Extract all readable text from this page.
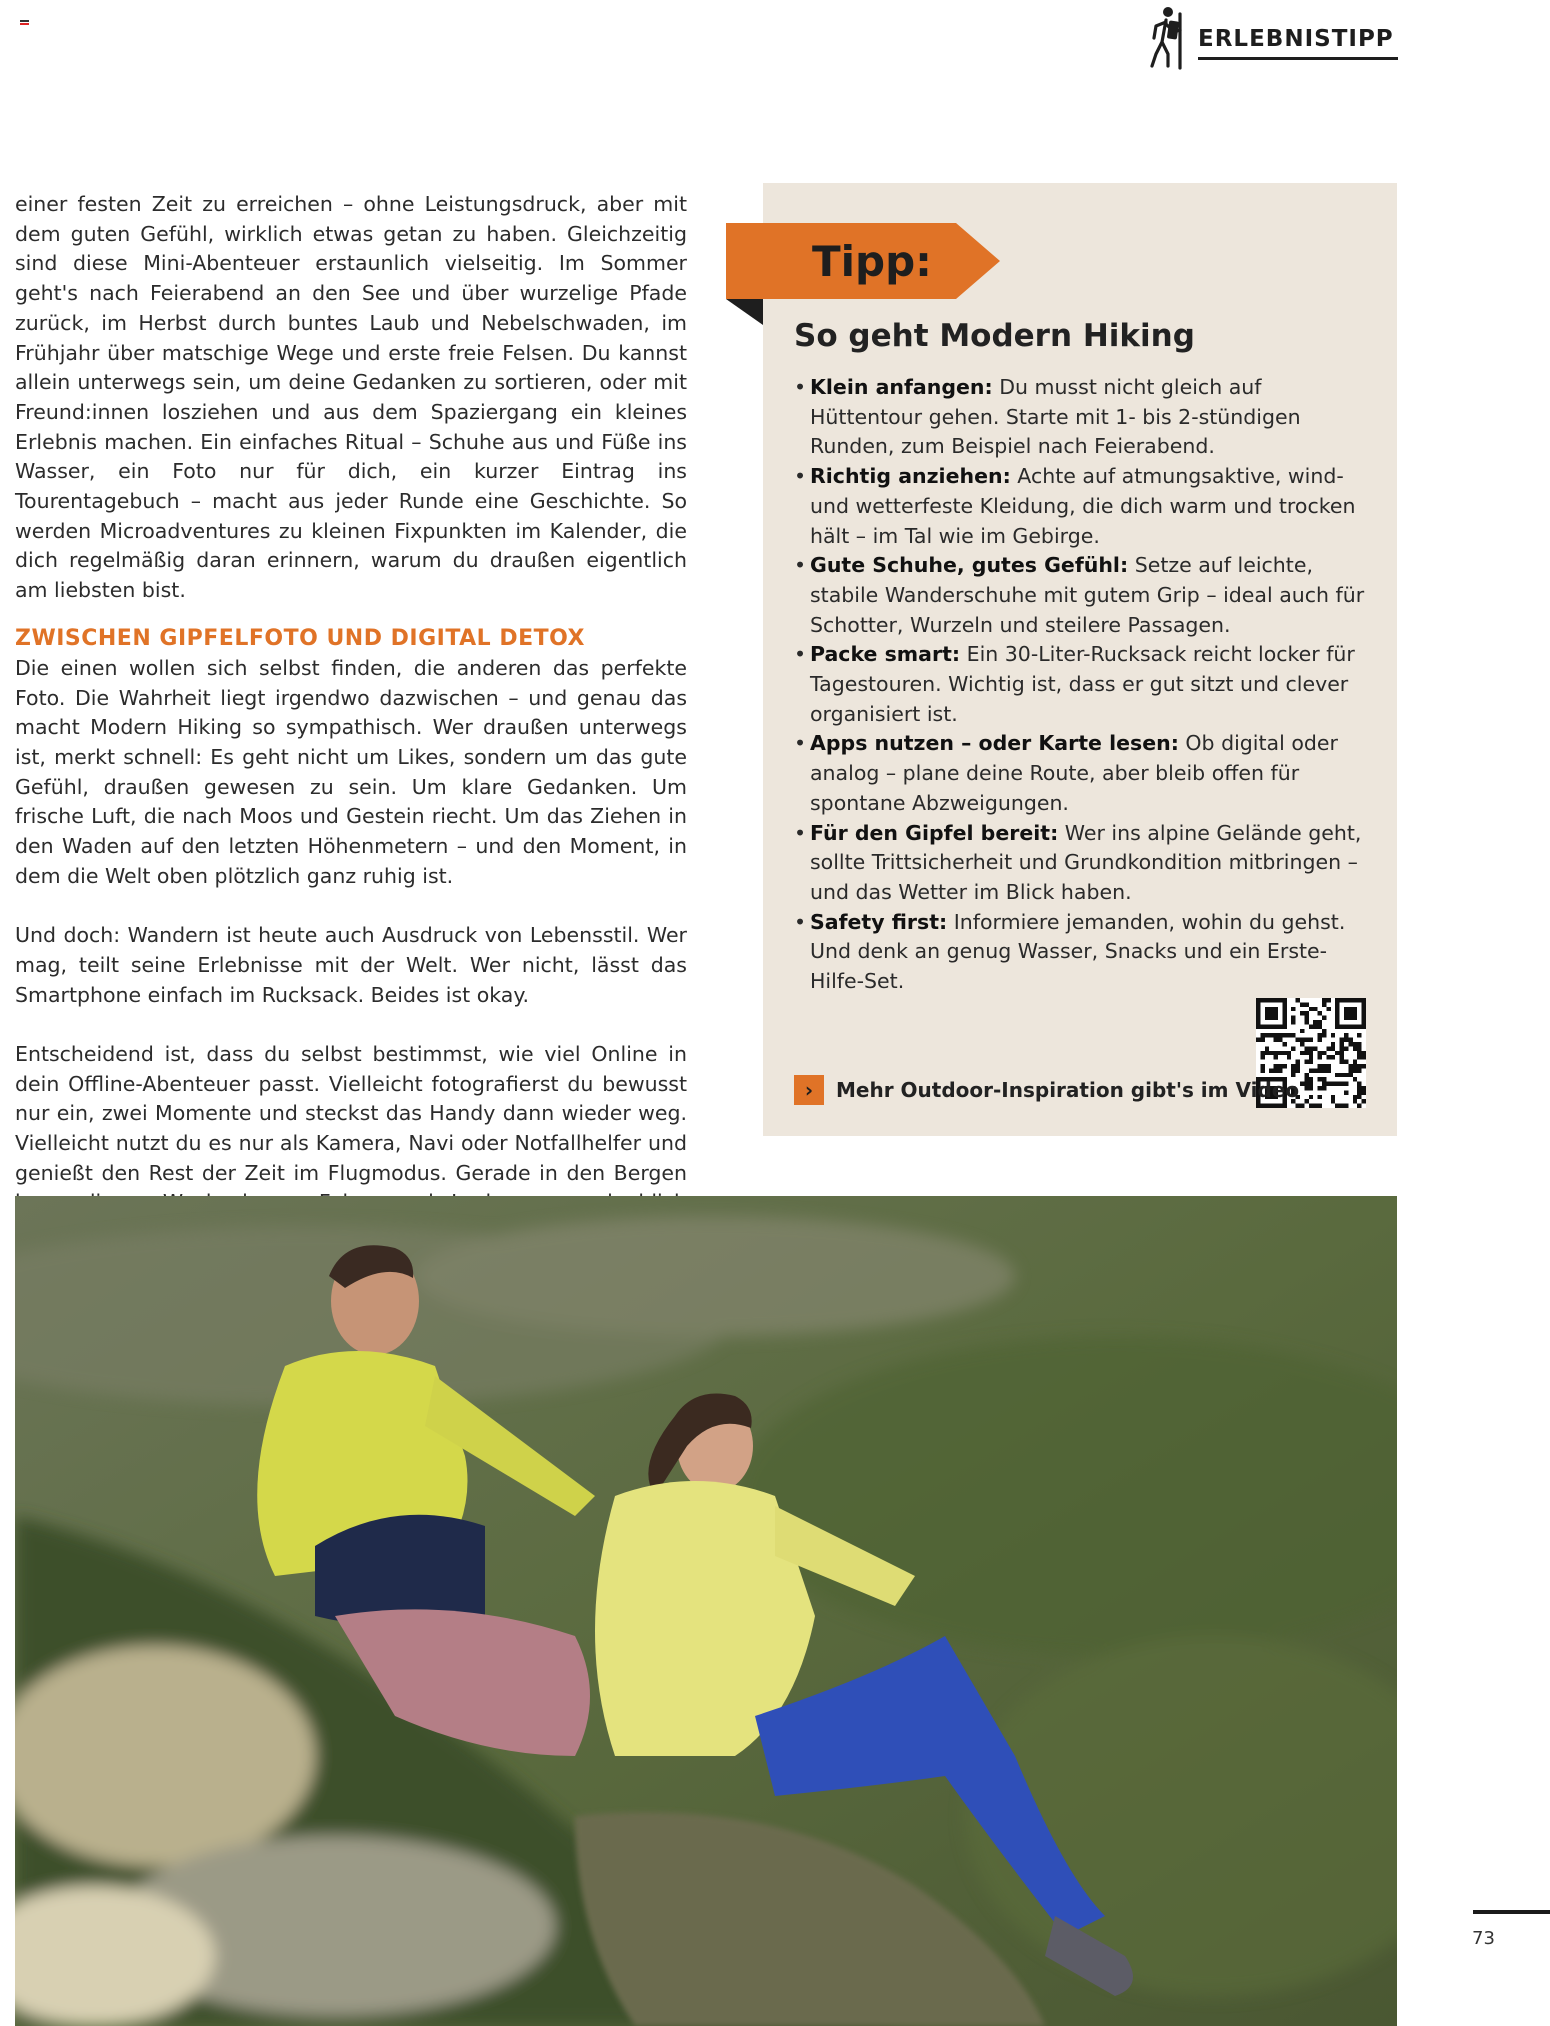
ERLEBNISTIPP

einer festen Zeit zu erreichen – ohne Leistungsdruck, aber mit dem guten Gefühl, wirklich etwas getan zu haben. Gleichzeitig sind diese Mini-Abenteuer erstaunlich vielseitig. Im Sommer geht's nach Feierabend an den See und über wurzelige Pfade zurück, im Herbst durch buntes Laub und Nebelschwaden, im Frühjahr über matschige Wege und erste freie Felsen. Du kannst allein unterwegs sein, um deine Gedanken zu sortieren, oder mit Freund:innen losziehen und aus dem Spaziergang ein kleines Erlebnis machen. Ein einfaches Ritual – Schuhe aus und Füße ins Wasser, ein Foto nur für dich, ein kurzer Eintrag ins Tourentagebuch – macht aus jeder Runde eine Geschichte. So werden Microadventures zu kleinen Fixpunkten im Kalender, die dich regelmäßig daran erinnern, warum du draußen eigentlich am liebsten bist.

ZWISCHEN GIPFELFOTO UND DIGITAL DETOX

Die einen wollen sich selbst finden, die anderen das perfekte Foto. Die Wahrheit liegt irgendwo dazwischen – und genau das macht Modern Hiking so sympathisch. Wer draußen unterwegs ist, merkt schnell: Es geht nicht um Likes, sondern um das gute Gefühl, draußen gewesen zu sein. Um klare Gedanken. Um frische Luft, die nach Moos und Gestein riecht. Um das Ziehen in den Waden auf den letzten Höhenmetern – und den Moment, in dem die Welt oben plötzlich ganz ruhig ist.

Und doch: Wandern ist heute auch Ausdruck von Lebensstil. Wer mag, teilt seine Erlebnisse mit der Welt. Wer nicht, lässt das Smartphone einfach im Rucksack. Beides ist okay.

Entscheidend ist, dass du selbst bestimmst, wie viel Online in dein Offline-Abenteuer passt. Vielleicht fotografierst du bewusst nur ein, zwei Momente und steckst das Handy dann wieder weg. Vielleicht nutzt du es nur als Kamera, Navi oder Notfallhelfer und genießt den Rest der Zeit im Flugmodus. Gerade in den Bergen

Tipp:
So geht Modern Hiking
• Klein anfangen: Du musst nicht gleich auf Hüttentour gehen. Starte mit 1- bis 2-stündigen Runden, zum Beispiel nach Feierabend.
• Richtig anziehen: Achte auf atmungsaktive, wind- und wetterfeste Kleidung, die dich warm und trocken hält – im Tal wie im Gebirge.
• Gute Schuhe, gutes Gefühl: Setze auf leichte, stabile Wanderschuhe mit gutem Grip – ideal auch für Schotter, Wurzeln und steilere Passagen.
• Packe smart: Ein 30-Liter-Rucksack reicht locker für Tagestouren. Wichtig ist, dass er gut sitzt und clever organisiert ist.
• Apps nutzen – oder Karte lesen: Ob digital oder analog – plane deine Route, aber bleib offen für spontane Abzweigungen.
• Für den Gipfel bereit: Wer ins alpine Gelände geht, sollte Trittsicherheit und Grundkondition mitbringen – und das Wetter im Blick haben.
• Safety first: Informiere jemanden, wohin du gehst. Und denk an genug Wasser, Snacks und ein Erste-Hilfe-Set.
›	Mehr Outdoor-Inspiration gibt's im Video
73
